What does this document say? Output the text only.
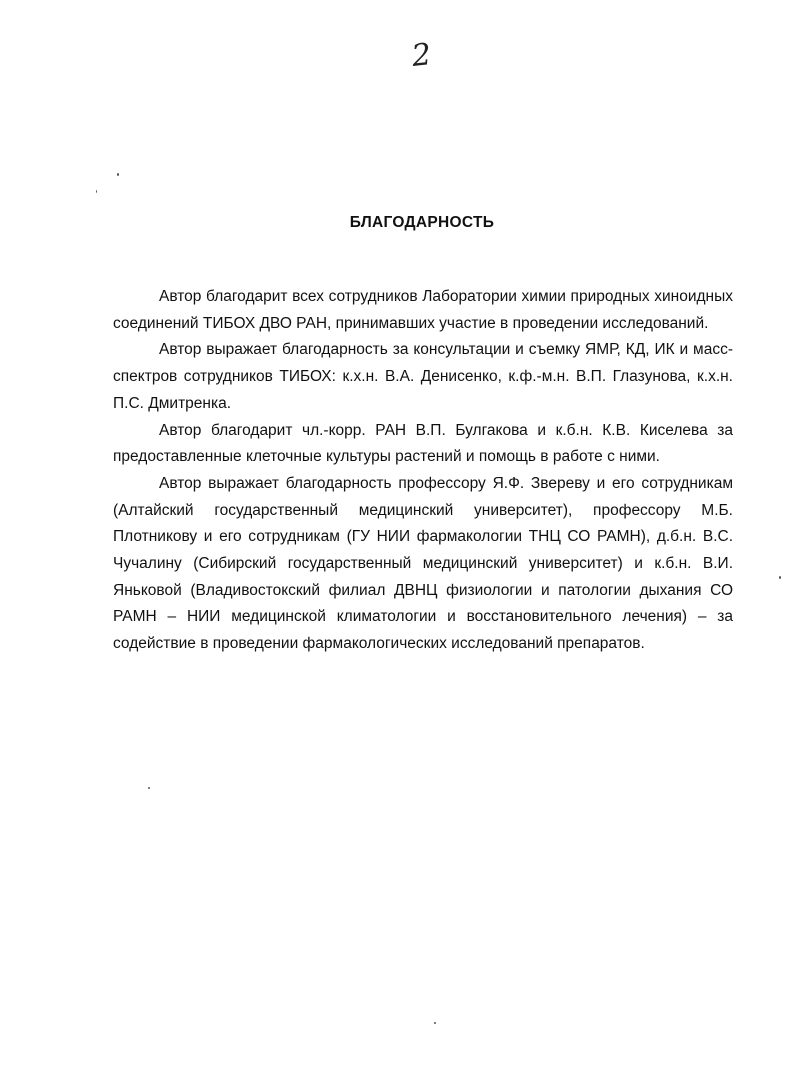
2
БЛАГОДАРНОСТЬ

Автор благодарит всех сотрудников Лаборатории химии природных хиноидных соединений ТИБОХ ДВО РАН, принимавших участие в проведении исследований.

Автор выражает благодарность за консультации и съемку ЯМР, КД, ИК и масс-спектров сотрудников ТИБОХ: к.х.н. В.А. Денисенко, к.ф.-м.н. В.П. Глазунова, к.х.н. П.С. Дмитренка.

Автор благодарит чл.-корр. РАН В.П. Булгакова и к.б.н. К.В. Киселева за предоставленные клеточные культуры растений и помощь в работе с ними.

Автор выражает благодарность профессору Я.Ф. Звереву и его сотрудникам (Алтайский государственный медицинский университет), профессору М.Б. Плотникову и его сотрудникам (ГУ НИИ фармакологии ТНЦ СО РАМН), д.б.н. В.С. Чучалину (Сибирский государственный медицинский университет) и к.б.н. В.И. Яньковой (Владивостокский филиал ДВНЦ физиологии и патологии дыхания СО РАМН – НИИ медицинской климатологии и восстановительного лечения) – за содействие в проведении фармакологических исследований препаратов.
